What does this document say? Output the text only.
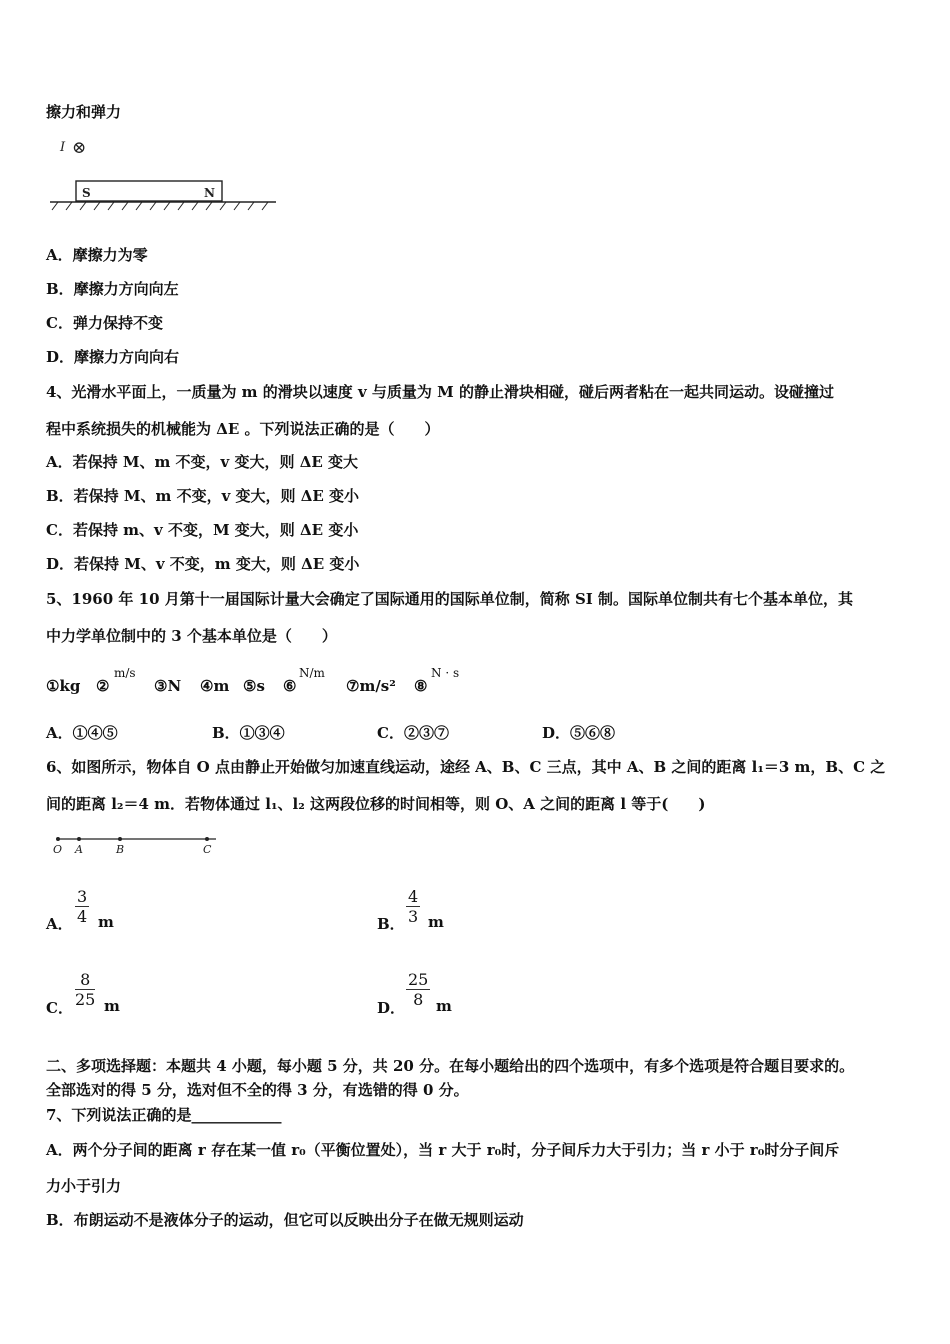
擦力和弹力
I ⊗
S	N
A．摩擦力为零
B．摩擦力方向向左
C．弹力保持不变
D．摩擦力方向向右
4、光滑水平面上，一质量为 m 的滑块以速度 v 与质量为 M 的静止滑块相碰，碰后两者粘在一起共同运动。设碰撞过
程中系统损失的机械能为 ΔE 。下列说法正确的是（　　）
A．若保持 M、m 不变，v 变大，则 ΔE 变大
B．若保持 M、m 不变，v 变大，则 ΔE 变小
C．若保持 m、v 不变，M 变大，则 ΔE 变小
D．若保持 M、v 不变，m 变大，则 ΔE 变小
5、1960 年 10 月第十一届国际计量大会确定了国际通用的国际单位制，简称 SI 制。国际单位制共有七个基本单位，其
中力学单位制中的 3 个基本单位是（　　）
①kg ②
m/s
③N ④m ⑤s ⑥
N/m
⑦m/s² ⑧
N · s
A．①④⑤	B．①③④	C．②③⑦	D．⑤⑥⑧
6、如图所示，物体自 O 点由静止开始做匀加速直线运动，途经 A、B、C 三点，其中 A、B 之间的距离 l₁＝3 m，B、C 之
间的距离 l₂＝4 m．若物体通过 l₁、l₂ 这两段位移的时间相等，则 O、A 之间的距离 l 等于(　　)
O A	B	C
A． $\frac{3}{4}$ m	B． $\frac{4}{3}$ m
C． $\frac{8}{25}$ m	D． $\frac{25}{8}$ m
二、多项选择题：本题共 4 小题，每小题 5 分，共 20 分。在每小题给出的四个选项中，有多个选项是符合题目要求的。
全部选对的得 5 分，选对但不全的得 3 分，有选错的得 0 分。
7、下列说法正确的是____________
A．两个分子间的距离 r 存在某一值 r₀（平衡位置处），当 r 大于 r₀时，分子间斥力大于引力；当 r 小于 r₀时分子间斥
力小于引力
B．布朗运动不是液体分子的运动，但它可以反映出分子在做无规则运动
